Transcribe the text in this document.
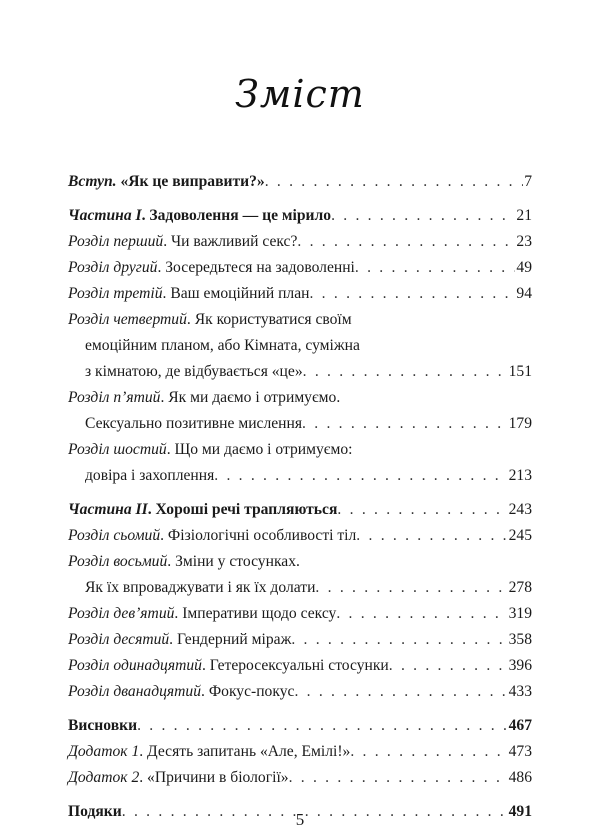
Зміст
Вступ. «Як це виправити?» . . .	7
Частина I. Задоволення — це мірило . . .	21
Розділ перший. Чи важливий секс? . . .	23
Розділ другий. Зосередьтеся на задоволенні . . .	49
Розділ третій. Ваш емоційний план . . .	94
Розділ четвертий. Як користуватися своїм
емоційним планом, або Кімната, суміжна
з кімнатою, де відбувається «це» . . .	151
Розділ п’ятий. Як ми даємо і отримуємо.
Сексуально позитивне мислення . . .	179
Розділ шостий. Що ми даємо і отримуємо:
довіра і захоплення . . .	213
Частина II. Хороші речі трапляються . . .	243
Розділ сьомий. Фізіологічні особливості тіл . . .	245
Розділ восьмий. Зміни у стосунках.
Як їх впроваджувати і як їх долати . . .	278
Розділ дев’ятий. Імперативи щодо сексу . . .	319
Розділ десятий. Гендерний міраж . . .	358
Розділ одинадцятий. Гетеросексуальні стосунки . . .	396
Розділ дванадцятий. Фокус-покус . . .	433
Висновки . . .	467
Додаток 1. Десять запитань «Але, Емілі!» . . .	473
Додаток 2. «Причини в біології» . . .	486
Подяки . . .	491
5
